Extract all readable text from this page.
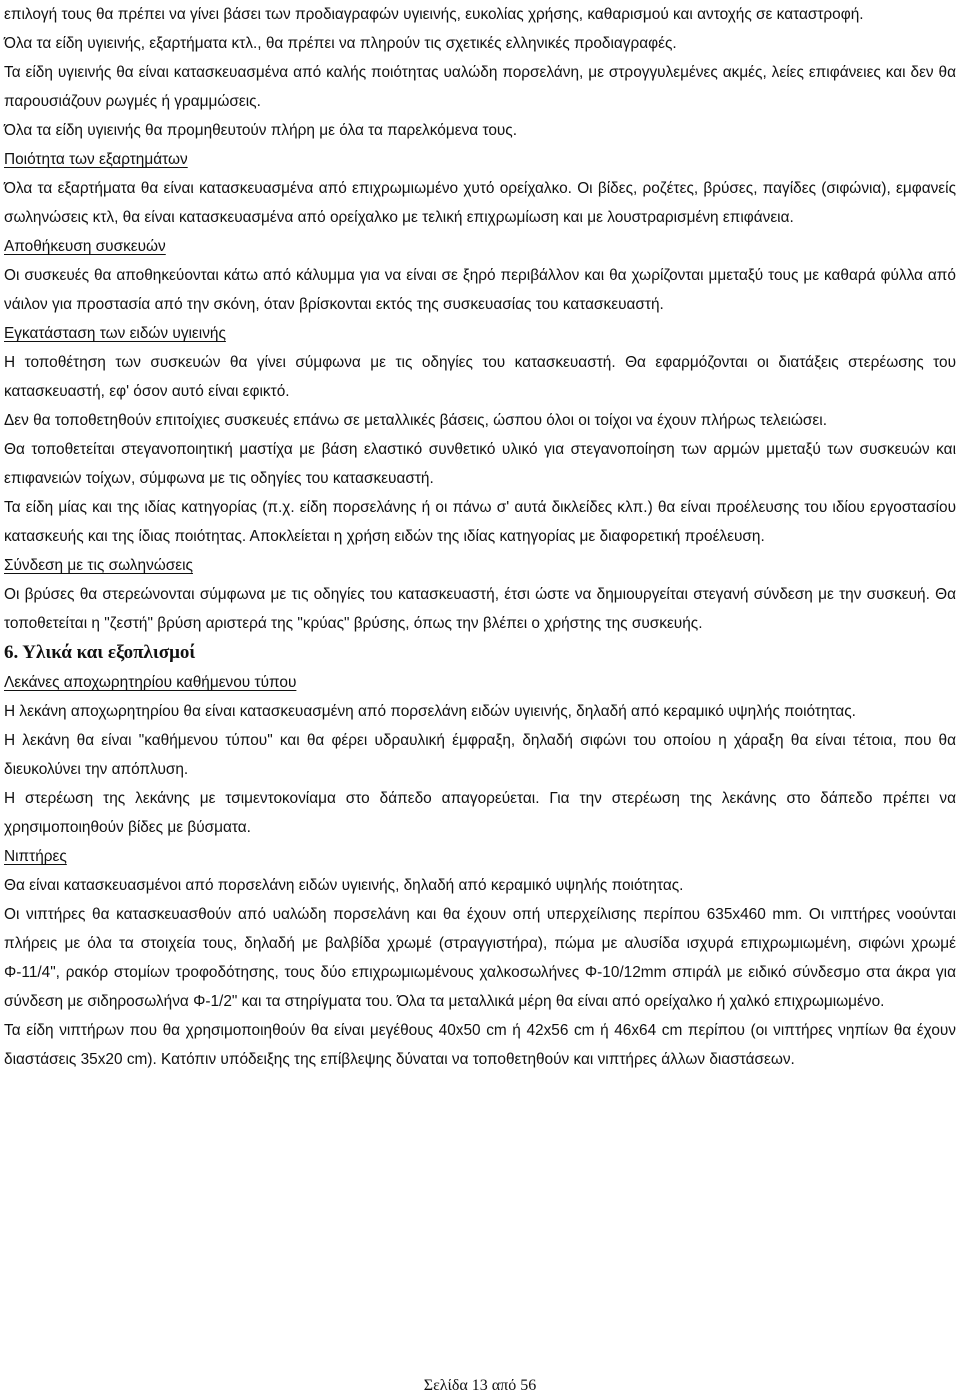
επιλογή τους θα πρέπει να γίνει βάσει των προδιαγραφών υγιεινής, ευκολίας χρήσης, καθαρισμού και αντοχής σε καταστροφή.

Όλα τα είδη υγιεινής, εξαρτήματα κτλ., θα πρέπει να πληρούν τις σχετικές ελληνικές προδιαγραφές.

Τα είδη υγιεινής θα είναι κατασκευασμένα από καλής ποιότητας υαλώδη πορσελάνη, με στρογγυλεμένες ακμές, λείες επιφάνειες και δεν θα παρουσιάζουν ρωγμές ή γραμμώσεις.

Όλα τα είδη υγιεινής θα προμηθευτούν πλήρη με όλα τα παρελκόμενα τους.

Ποιότητα των εξαρτημάτων

Όλα τα εξαρτήματα θα είναι κατασκευασμένα από επιχρωμιωμένο χυτό ορείχαλκο. Οι βίδες, ροζέτες, βρύσες, παγίδες (σιφώνια), εμφανείς σωληνώσεις κτλ, θα είναι κατασκευασμένα από ορείχαλκο με τελική επιχρωμίωση και με λουστραρισμένη επιφάνεια.

Αποθήκευση συσκευών

Οι συσκευές θα αποθηκεύονται κάτω από κάλυμμα για να είναι σε ξηρό περιβάλλον και θα χωρίζονται μμεταξύ τους με καθαρά φύλλα από νάιλον για προστασία από την σκόνη, όταν βρίσκονται εκτός της συσκευασίας του κατασκευαστή.

Εγκατάσταση των ειδών υγιεινής

Η τοποθέτηση των συσκευών θα γίνει σύμφωνα με τις οδηγίες του κατασκευαστή. Θα εφαρμόζονται οι διατάξεις στερέωσης του κατασκευαστή, εφ' όσον αυτό είναι εφικτό.

Δεν θα τοποθετηθούν επιτοίχιες συσκευές επάνω σε μεταλλικές βάσεις, ώσπου όλοι οι τοίχοι να έχουν πλήρως τελειώσει.

Θα τοποθετείται στεγανοποιητική μαστίχα με βάση ελαστικό συνθετικό υλικό για στεγανοποίηση των αρμών μμεταξύ των συσκευών και επιφανειών τοίχων, σύμφωνα με τις οδηγίες του κατασκευαστή.

Τα είδη μίας και της ιδίας κατηγορίας (π.χ. είδη πορσελάνης ή οι πάνω σ' αυτά δικλείδες κλπ.) θα είναι προέλευσης του ιδίου εργοστασίου κατασκευής και της ίδιας ποιότητας. Αποκλείεται η χρήση ειδών της ιδίας κατηγορίας με διαφορετική προέλευση.

Σύνδεση με τις σωληνώσεις

Οι βρύσες θα στερεώνονται σύμφωνα με τις οδηγίες του κατασκευαστή, έτσι ώστε να δημιουργείται στεγανή σύνδεση με την συσκευή. Θα τοποθετείται η "ζεστή" βρύση αριστερά της "κρύας" βρύσης, όπως την βλέπει ο χρήστης της συσκευής.

6. Υλικά και εξοπλισμοί

Λεκάνες αποχωρητηρίου καθήμενου τύπου

Η λεκάνη αποχωρητηρίου θα είναι κατασκευασμένη από πορσελάνη ειδών υγιεινής, δηλαδή από κεραμικό υψηλής ποιότητας.

Η λεκάνη θα είναι "καθήμενου τύπου" και θα φέρει υδραυλική έμφραξη, δηλαδή σιφώνι του οποίου η χάραξη θα είναι τέτοια, που θα διευκολύνει την απόπλυση.

Η στερέωση της λεκάνης με τσιμεντοκονίαμα στο δάπεδο απαγορεύεται. Για την στερέωση της λεκάνης στο δάπεδο πρέπει να χρησιμοποιηθούν βίδες με βύσματα.

Νιπτήρες

Θα είναι κατασκευασμένοι από πορσελάνη ειδών υγιεινής, δηλαδή από κεραμικό υψηλής ποιότητας.

Οι νιπτήρες θα κατασκευασθούν από υαλώδη πορσελάνη και θα έχουν οπή υπερχείλισης περίπου 635x460 mm. Οι νιπτήρες νοούνται πλήρεις με όλα τα στοιχεία τους, δηλαδή με βαλβίδα χρωμέ (στραγγιστήρα), πώμα με αλυσίδα ισχυρά επιχρωμιωμένη, σιφώνι χρωμέ Φ-11/4", ρακόρ στομίων τροφοδότησης, τους δύο επιχρωμιωμένους χαλκοσωλήνες Φ-10/12mm σπιράλ με ειδικό σύνδεσμο στα άκρα για σύνδεση με σιδηροσωλήνα Φ-1/2" και τα στηρίγματα του. Όλα τα μεταλλικά μέρη θα είναι από ορείχαλκο ή χαλκό επιχρωμιωμένο.

Τα είδη νιπτήρων που θα χρησιμοποιηθούν θα είναι μεγέθους 40x50 cm ή 42x56 cm ή 46x64 cm περίπου (οι νιπτήρες νηπίων θα έχουν διαστάσεις 35x20 cm). Κατόπιν υπόδειξης της επίβλεψης δύναται να τοποθετηθούν και νιπτήρες άλλων διαστάσεων.

Σελίδα 13 από 56
